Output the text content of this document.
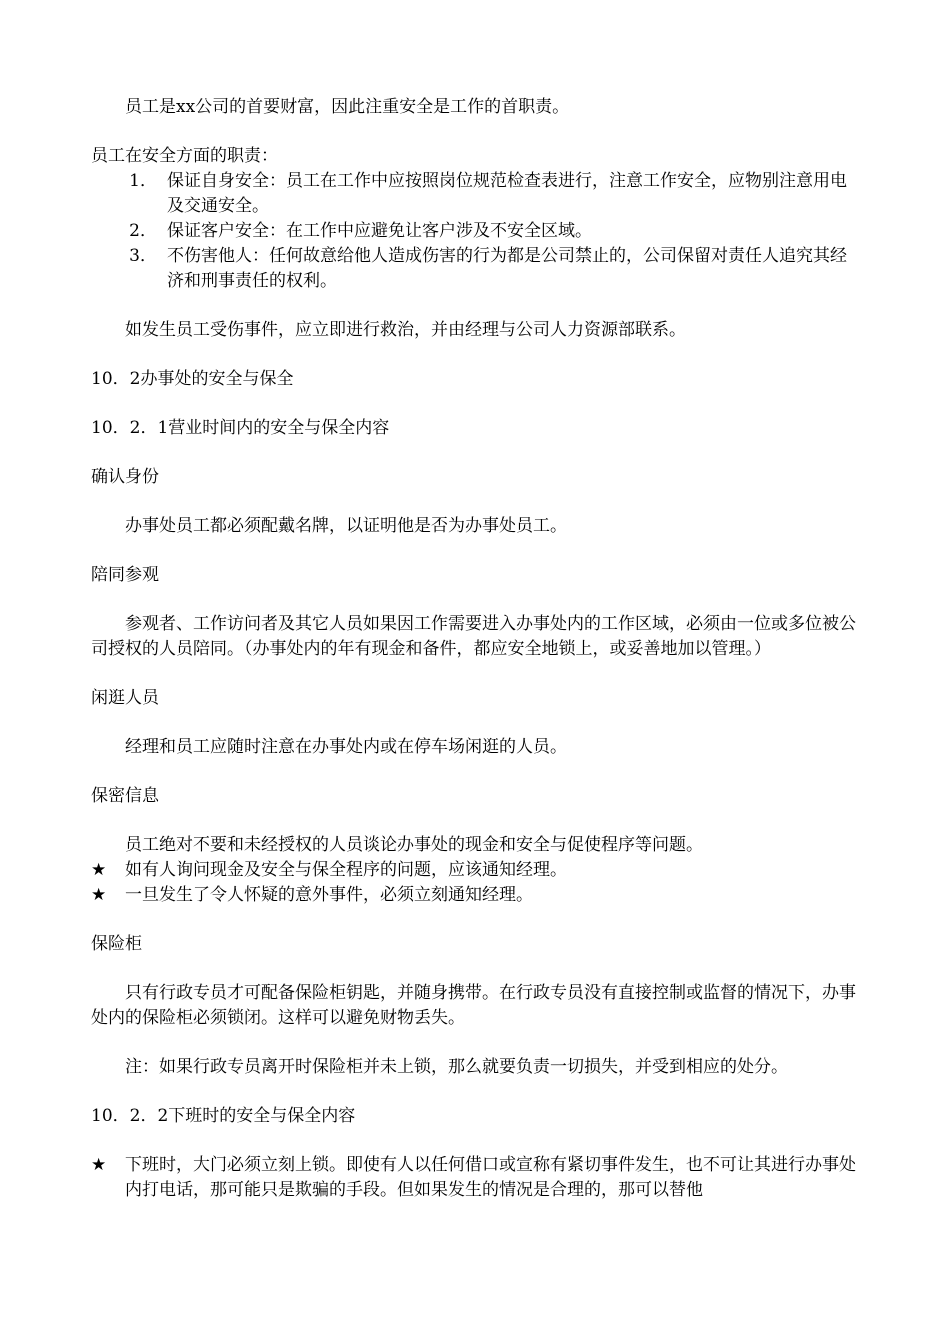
员工是xx公司的首要财富，因此注重安全是工作的首职责。

员工在安全方面的职责：

1． 保证自身安全：员工在工作中应按照岗位规范检查表进行，注意工作安全，应物别注意用电及交通安全。
2． 保证客户安全：在工作中应避免让客户涉及不安全区域。
3． 不伤害他人：任何故意给他人造成伤害的行为都是公司禁止的，公司保留对责任人追究其经济和刑事责任的权利。

如发生员工受伤事件，应立即进行救治，并由经理与公司人力资源部联系。

10．2办事处的安全与保全

10．2．1营业时间内的安全与保全内容

确认身份

办事处员工都必须配戴名牌，以证明他是否为办事处员工。

陪同参观

参观者、工作访问者及其它人员如果因工作需要进入办事处内的工作区域，必须由一位或多位被公司授权的人员陪同。（办事处内的年有现金和备件，都应安全地锁上，或妥善地加以管理。）

闲逛人员

经理和员工应随时注意在办事处内或在停车场闲逛的人员。

保密信息

员工绝对不要和未经授权的人员谈论办事处的现金和安全与促使程序等问题。

★	如有人询问现金及安全与保全程序的问题，应该通知经理。
★	一旦发生了令人怀疑的意外事件，必须立刻通知经理。

保险柜

只有行政专员才可配备保险柜钥匙，并随身携带。在行政专员没有直接控制或监督的情况下，办事处内的保险柜必须锁闭。这样可以避免财物丢失。

注：如果行政专员离开时保险柜并未上锁，那么就要负责一切损失，并受到相应的处分。

10．2．2下班时的安全与保全内容

★	下班时，大门必须立刻上锁。即使有人以任何借口或宣称有紧切事件发生，也不可让其进行办事处内打电话，那可能只是欺骗的手段。但如果发生的情况是合理的，那可以替他
